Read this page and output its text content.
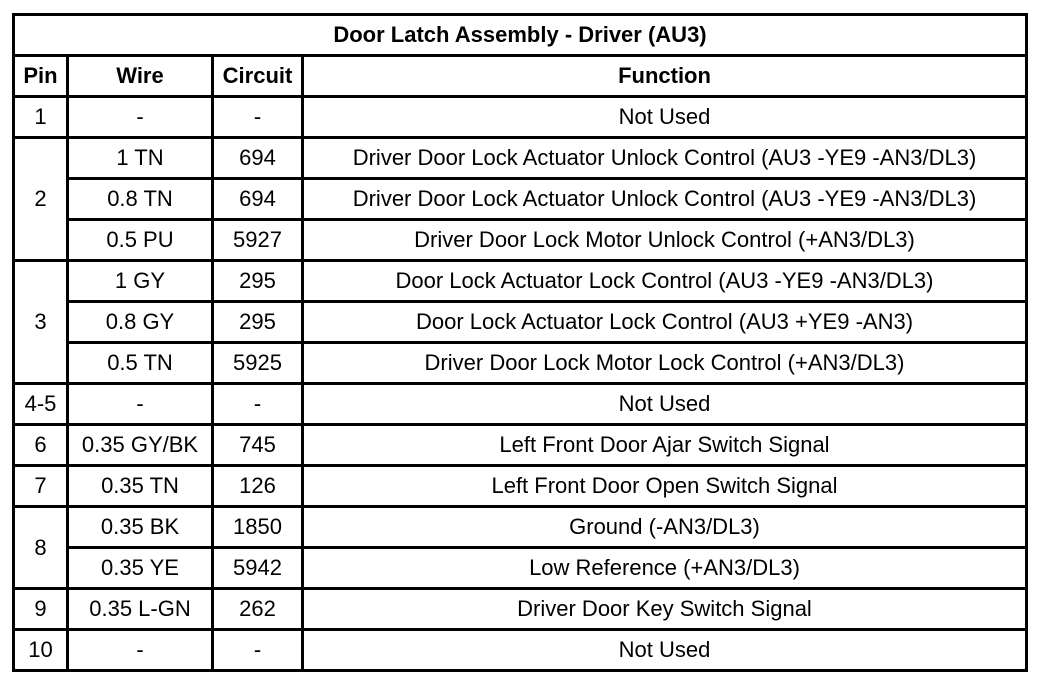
Door Latch Assembly - Driver (AU3)			
Pin	Wire	Circuit	Function
1	-	-	Not Used
2	1 TN	694	Driver Door Lock Actuator Unlock Control (AU3 -YE9 -AN3/DL3)
	0.8 TN	694	Driver Door Lock Actuator Unlock Control (AU3 -YE9 -AN3/DL3)
	0.5 PU	5927	Driver Door Lock Motor Unlock Control (+AN3/DL3)
3	1 GY	295	Door Lock Actuator Lock Control (AU3 -YE9 -AN3/DL3)
	0.8 GY	295	Door Lock Actuator Lock Control (AU3 +YE9 -AN3)
	0.5 TN	5925	Driver Door Lock Motor Lock Control (+AN3/DL3)
4-5	-	-	Not Used
6	0.35 GY/BK	745	Left Front Door Ajar Switch Signal
7	0.35 TN	126	Left Front Door Open Switch Signal
8	0.35 BK	1850	Ground (-AN3/DL3)
	0.35 YE	5942	Low Reference (+AN3/DL3)
9	0.35 L-GN	262	Driver Door Key Switch Signal
10	-	-	Not Used
